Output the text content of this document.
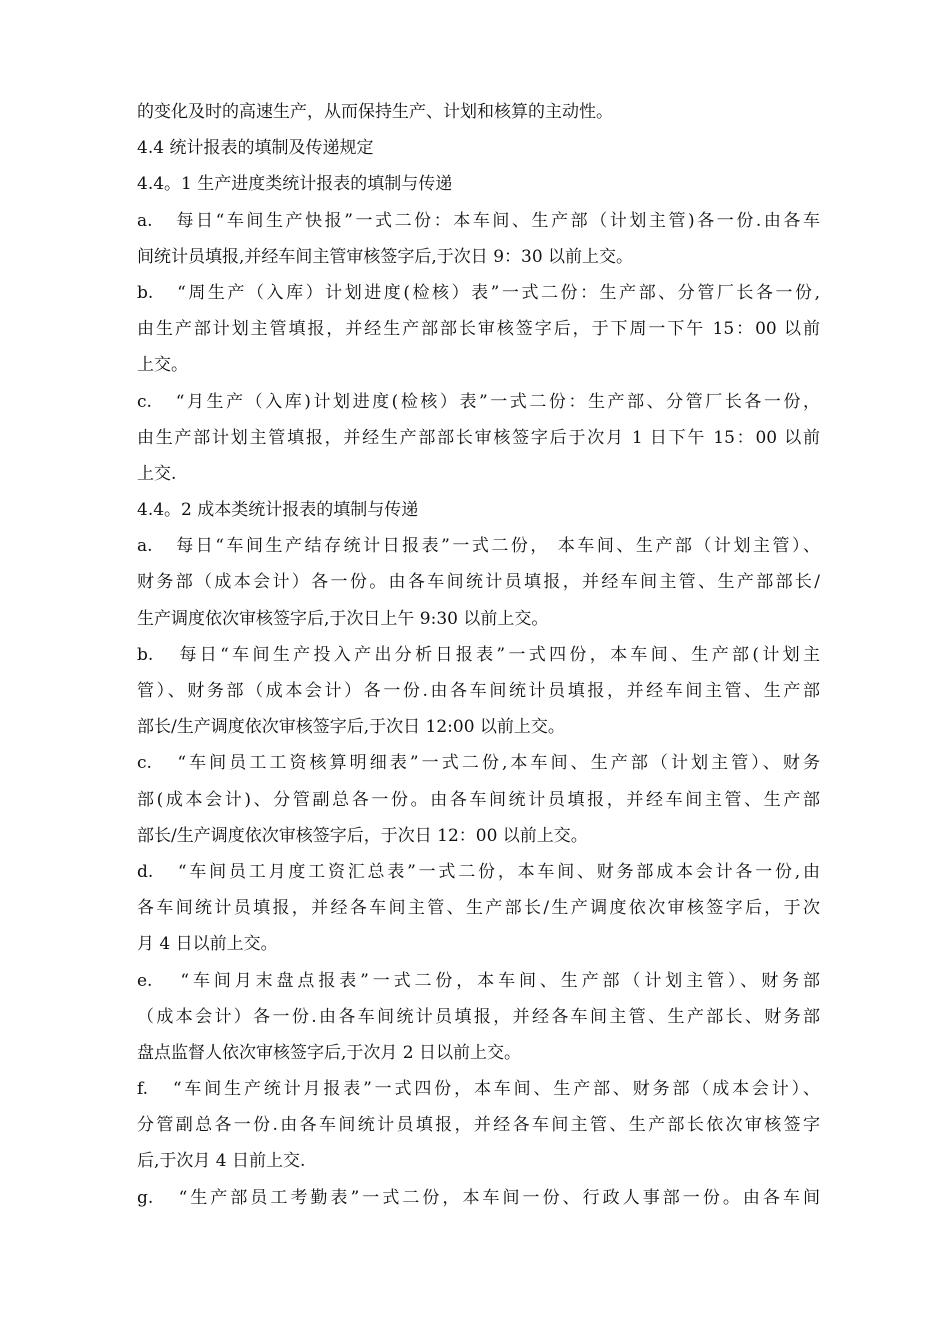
的变化及时的高速生产，从而保持生产、计划和核算的主动性。
4.4 统计报表的填制及传递规定
4.4。1 生产进度类统计报表的填制与传递
a.   每日“车间生产快报”一式二份：本车间、生产部（计划主管)各一份.由各车
间统计员填报,并经车间主管审核签字后,于次日 9：30 以前上交。
b.   “周生产（入库）计划进度(检核）表”一式二份：生产部、分管厂长各一份,
由生产部计划主管填报，并经生产部部长审核签字后，于下周一下午 15：00 以前
上交。
c.   “月生产（入库)计划进度(检核）表”一式二份：生产部、分管厂长各一份，
由生产部计划主管填报，并经生产部部长审核签字后于次月 1 日下午 15：00 以前
上交.
4.4。2 成本类统计报表的填制与传递
a.   每日“车间生产结存统计日报表”一式二份， 本车间、生产部（计划主管）、
财务部（成本会计）各一份。由各车间统计员填报，并经车间主管、生产部部长/
生产调度依次审核签字后,于次日上午 9:30 以前上交。
b.   每日“车间生产投入产出分析日报表”一式四份，本车间、生产部(计划主
管）、财务部（成本会计）各一份.由各车间统计员填报，并经车间主管、生产部
部长/生产调度依次审核签字后,于次日 12:00 以前上交。
c.   “车间员工工资核算明细表”一式二份,本车间、生产部（计划主管）、财务
部(成本会计)、分管副总各一份。由各车间统计员填报，并经车间主管、生产部
部长/生产调度依次审核签字后，于次日 12：00 以前上交。
d.   “车间员工月度工资汇总表”一式二份，本车间、财务部成本会计各一份,由
各车间统计员填报，并经各车间主管、生产部长/生产调度依次审核签字后，于次
月 4 日以前上交。
e.   “车间月末盘点报表”一式二份，本车间、生产部（计划主管）、财务部
（成本会计）各一份.由各车间统计员填报，并经各车间主管、生产部长、财务部
盘点监督人依次审核签字后,于次月 2 日以前上交。
f.   “车间生产统计月报表”一式四份，本车间、生产部、财务部（成本会计）、
分管副总各一份.由各车间统计员填报，并经各车间主管、生产部长依次审核签字
后,于次月 4 日前上交.
g.   “生产部员工考勤表”一式二份，本车间一份、行政人事部一份。由各车间
